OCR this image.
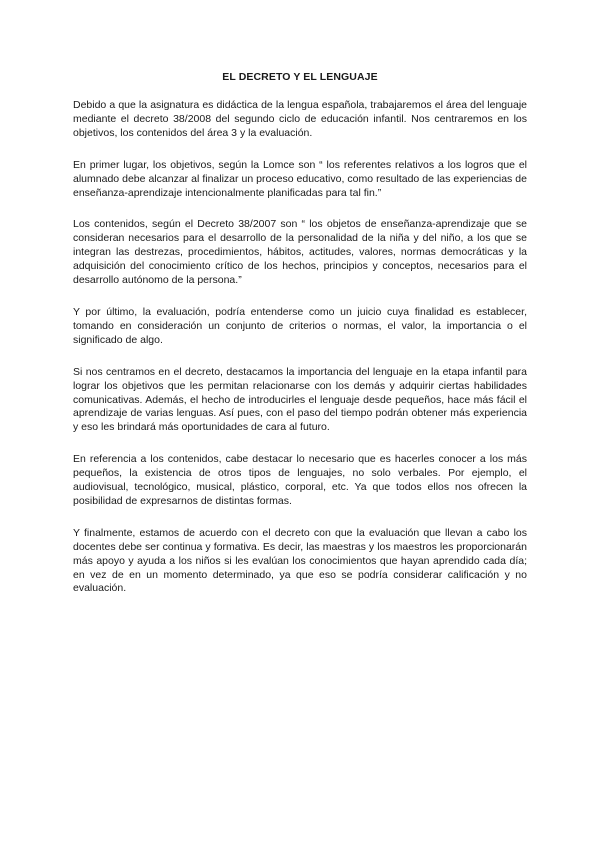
EL DECRETO Y EL LENGUAJE

Debido a que la asignatura es didáctica de la lengua española, trabajaremos el área del lenguaje mediante el decreto 38/2008 del segundo ciclo de educación infantil. Nos centraremos en los objetivos, los contenidos del área 3 y la evaluación.

En primer lugar, los objetivos, según la Lomce son “ los referentes relativos a los logros que el alumnado debe alcanzar al finalizar un proceso educativo, como resultado de las experiencias de enseñanza-aprendizaje intencionalmente planificadas para tal fin.”

Los contenidos, según el Decreto 38/2007 son “ los objetos de enseñanza-aprendizaje que se consideran necesarios para el desarrollo de la personalidad de la niña y del niño, a los que se integran las destrezas, procedimientos, hábitos, actitudes, valores, normas democráticas y la adquisición del conocimiento crítico de los hechos, principios y conceptos, necesarios para el desarrollo autónomo de la persona.”

Y por último, la evaluación, podría entenderse como un juicio cuya finalidad es establecer, tomando en consideración un conjunto de criterios o normas, el valor, la importancia o el significado de algo.

Si nos centramos en el decreto, destacamos la importancia del lenguaje en la etapa infantil para lograr los objetivos que les permitan relacionarse con los demás y adquirir ciertas habilidades comunicativas. Además, el hecho de introducirles el lenguaje desde pequeños, hace más fácil el aprendizaje de varias lenguas. Así pues, con el paso del tiempo podrán obtener más experiencia y eso les brindará más oportunidades de cara al futuro.

En referencia a los contenidos, cabe destacar lo necesario que es hacerles conocer a los más pequeños, la existencia de otros tipos de lenguajes, no solo verbales. Por ejemplo, el audiovisual, tecnológico, musical, plástico, corporal, etc. Ya que todos ellos nos ofrecen la posibilidad de expresarnos de distintas formas.

Y finalmente, estamos de acuerdo con el decreto con que la evaluación que llevan a cabo los docentes debe ser continua y formativa. Es decir, las maestras y los maestros les proporcionarán más apoyo y ayuda a los niños si les evalúan los conocimientos que hayan aprendido cada día; en vez de en un momento determinado, ya que eso se podría considerar calificación y no evaluación.
